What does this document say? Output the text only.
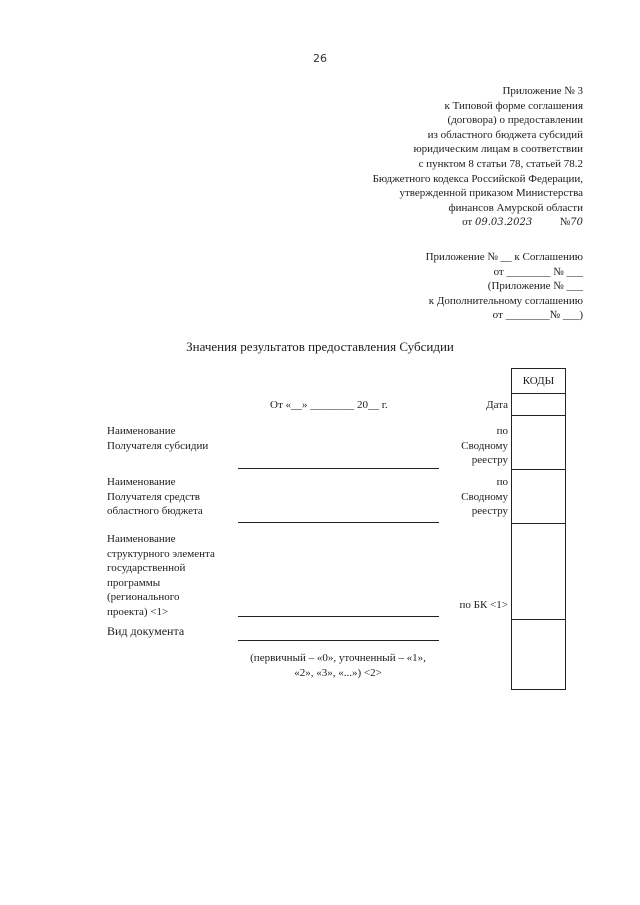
26
Приложение № 3
к Типовой форме соглашения
(договора) о предоставлении
из областного бюджета субсидий
юридическим лицам в соответствии
с пунктом 8 статьи 78, статьей 78.2
Бюджетного кодекса Российской Федерации,
утвержденной приказом Министерства
финансов Амурской области
от 09.03.2023	№70
Приложение № __ к Соглашению
от ________ № ___
(Приложение № ___
к Дополнительному соглашению
от ________№ ___)
Значения результатов предоставления Субсидии
КОДЫ
От «__» ________ 20__ г.	Дата
Наименование
Получателя субсидии
по
Сводному
реестру
Наименование
Получателя средств
областного бюджета
по
Сводному
реестру
Наименование
структурного элемента
государственной
программы
(регионального
проекта) <1>
по БК <1>
Вид документа
(первичный – «0», уточненный – «1»,
«2», «3», «...») <2>
